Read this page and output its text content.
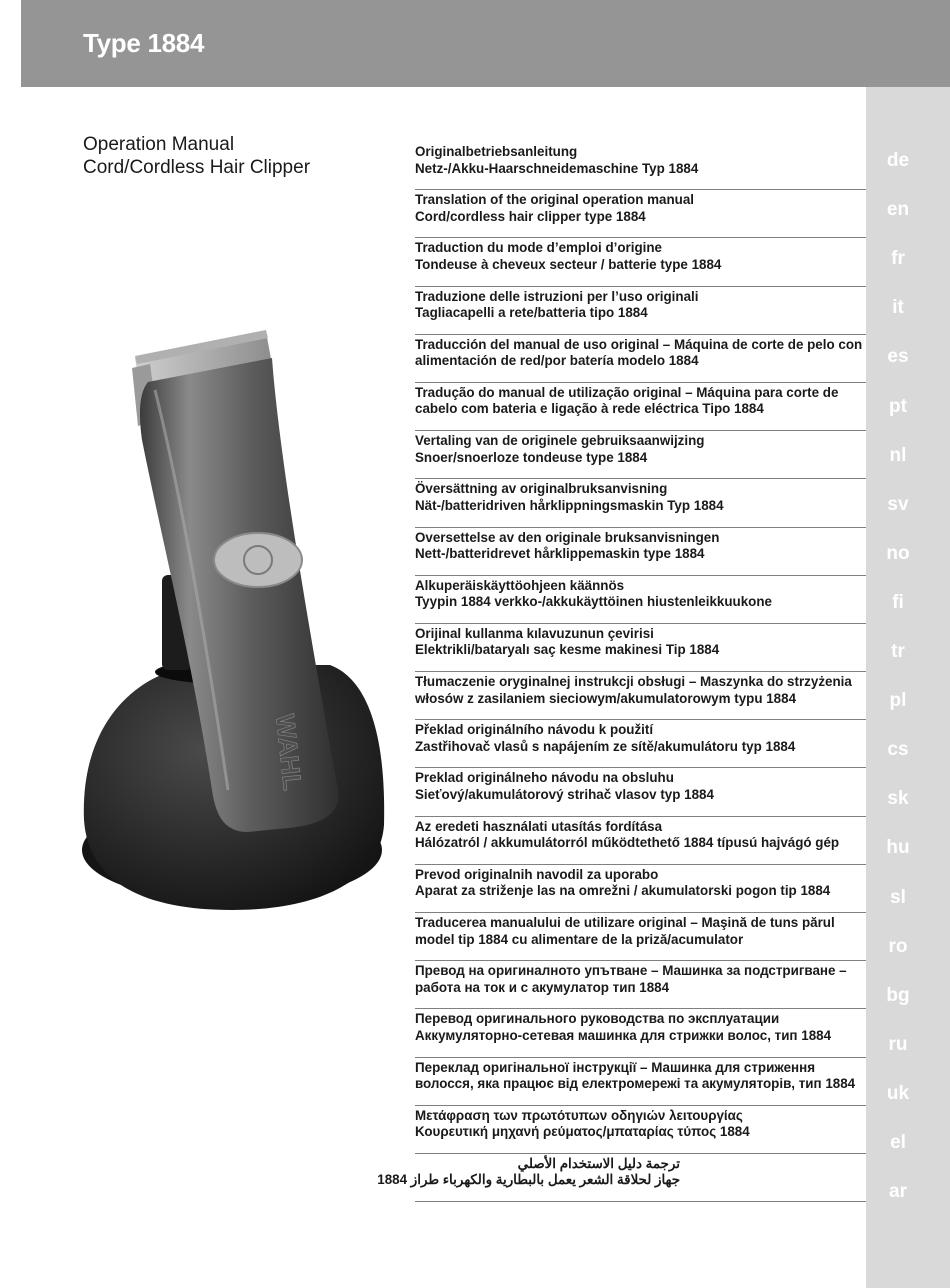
Type 1884
de
en
fr
it
es
pt
nl
sv
no
fi
tr
pl
cs
sk
hu
sl
ro
bg
ru
uk
el
ar
Operation Manual
Cord/Cordless Hair Clipper
WAHL
Originalbetriebsanleitung
Netz-/Akku-Haarschneidemaschine Typ 1884
Translation of the original operation manual
Cord/cordless hair clipper type 1884
Traduction du mode d’emploi d’origine
Tondeuse à cheveux secteur / batterie type 1884
Traduzione delle istruzioni per l’uso originali
Tagliacapelli a rete/batteria tipo 1884
Traducción del manual de uso original – Máquina de corte de pelo con
alimentación de red/por batería modelo 1884
Tradução do manual de utilização original – Máquina para corte de
cabelo com bateria e ligação à rede eléctrica Tipo 1884
Vertaling van de originele gebruiksaanwijzing
Snoer/snoerloze tondeuse type 1884
Översättning av originalbruksanvisning
Nät-/batteridriven hårklippningsmaskin Typ 1884
Oversettelse av den originale bruksanvisningen
Nett-/batteridrevet hårklippemaskin type 1884
Alkuperäiskäyttöohjeen käännös
Tyypin 1884 verkko-/akkukäyttöinen hiustenleikkuukone
Orijinal kullanma kılavuzunun çevirisi
Elektrikli/bataryalı saç kesme makinesi Tip 1884
Tłumaczenie oryginalnej instrukcji obsługi – Maszynka do strzyżenia
włosów z zasilaniem sieciowym/akumulatorowym typu 1884
Překlad originálního návodu k použití
Zastřihovač vlasů s napájením ze sítě/akumulátoru typ 1884
Preklad originálneho návodu na obsluhu
Sieťový/akumulátorový strihač vlasov typ 1884
Az eredeti használati utasítás fordítása
Hálózatról / akkumulátorról működtethető 1884 típusú hajvágó gép
Prevod originalnih navodil za uporabo
Aparat za striženje las na omrežni / akumulatorski pogon tip 1884
Traducerea manualului de utilizare original – Maşină de tuns părul
model tip 1884 cu alimentare de la priză/acumulator
Превод на оригиналното упътване – Машинка за подстригване –
работа на ток и с акумулатор тип 1884
Перевод оригинального руководства по эксплуатации
Аккумуляторно-сетевая машинка для стрижки волос, тип 1884
Переклад оригінальної інструкції – Машинка для стриження
волосся, яка працює від електромережі та акумуляторів, тип 1884
Μετάφραση των πρωτότυπων οδηγιών λειτουργίας
Κουρευτική μηχανή ρεύματος/μπαταρίας τύπος 1884
ترجمة دليل الاستخدام الأصلي
جهاز لحلاقة الشعر يعمل بالبطارية والكهرباء طراز 1884
